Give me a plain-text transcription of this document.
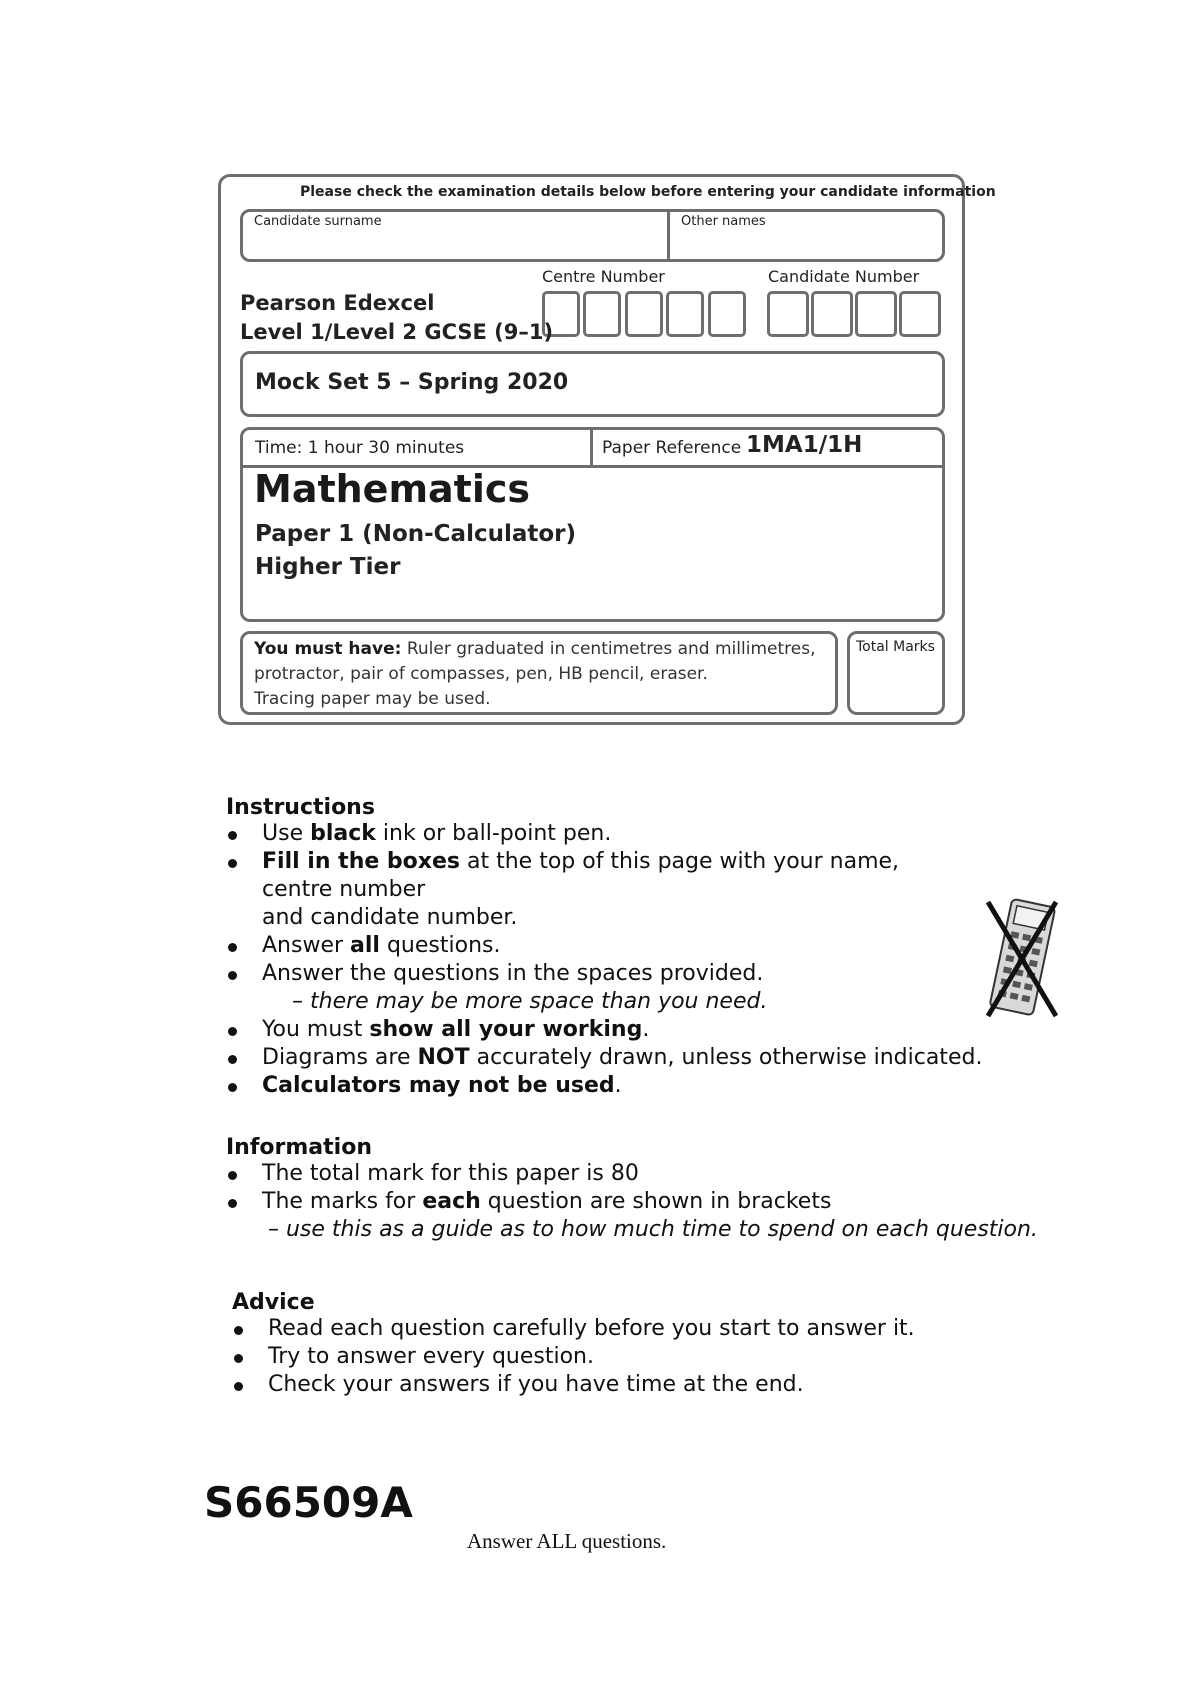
Please check the examination details below before entering your candidate information
Candidate surname	Other names
Centre Number	Candidate Number
Pearson Edexcel
Level 1/Level 2 GCSE (9–1)
Mock Set 5 – Spring 2020
Time: 1 hour 30 minutes	Paper Reference 1MA1/1H
Mathematics
Paper 1 (Non-Calculator)
Higher Tier
You must have: Ruler graduated in centimetres and millimetres,
protractor, pair of compasses, pen, HB pencil, eraser.
Tracing paper may be used.
Total Marks
Instructions
Use black ink or ball-point pen.
Fill in the boxes at the top of this page with your name, centre number
and candidate number.
Answer all questions.
Answer the questions in the spaces provided.
– there may be more space than you need.
You must show all your working.
Diagrams are NOT accurately drawn, unless otherwise indicated.
Calculators may not be used.
Information
The total mark for this paper is 80
The marks for each question are shown in brackets
– use this as a guide as to how much time to spend on each question.
Advice
Read each question carefully before you start to answer it.
Try to answer every question.
Check your answers if you have time at the end.
S66509A
Answer ALL questions.
